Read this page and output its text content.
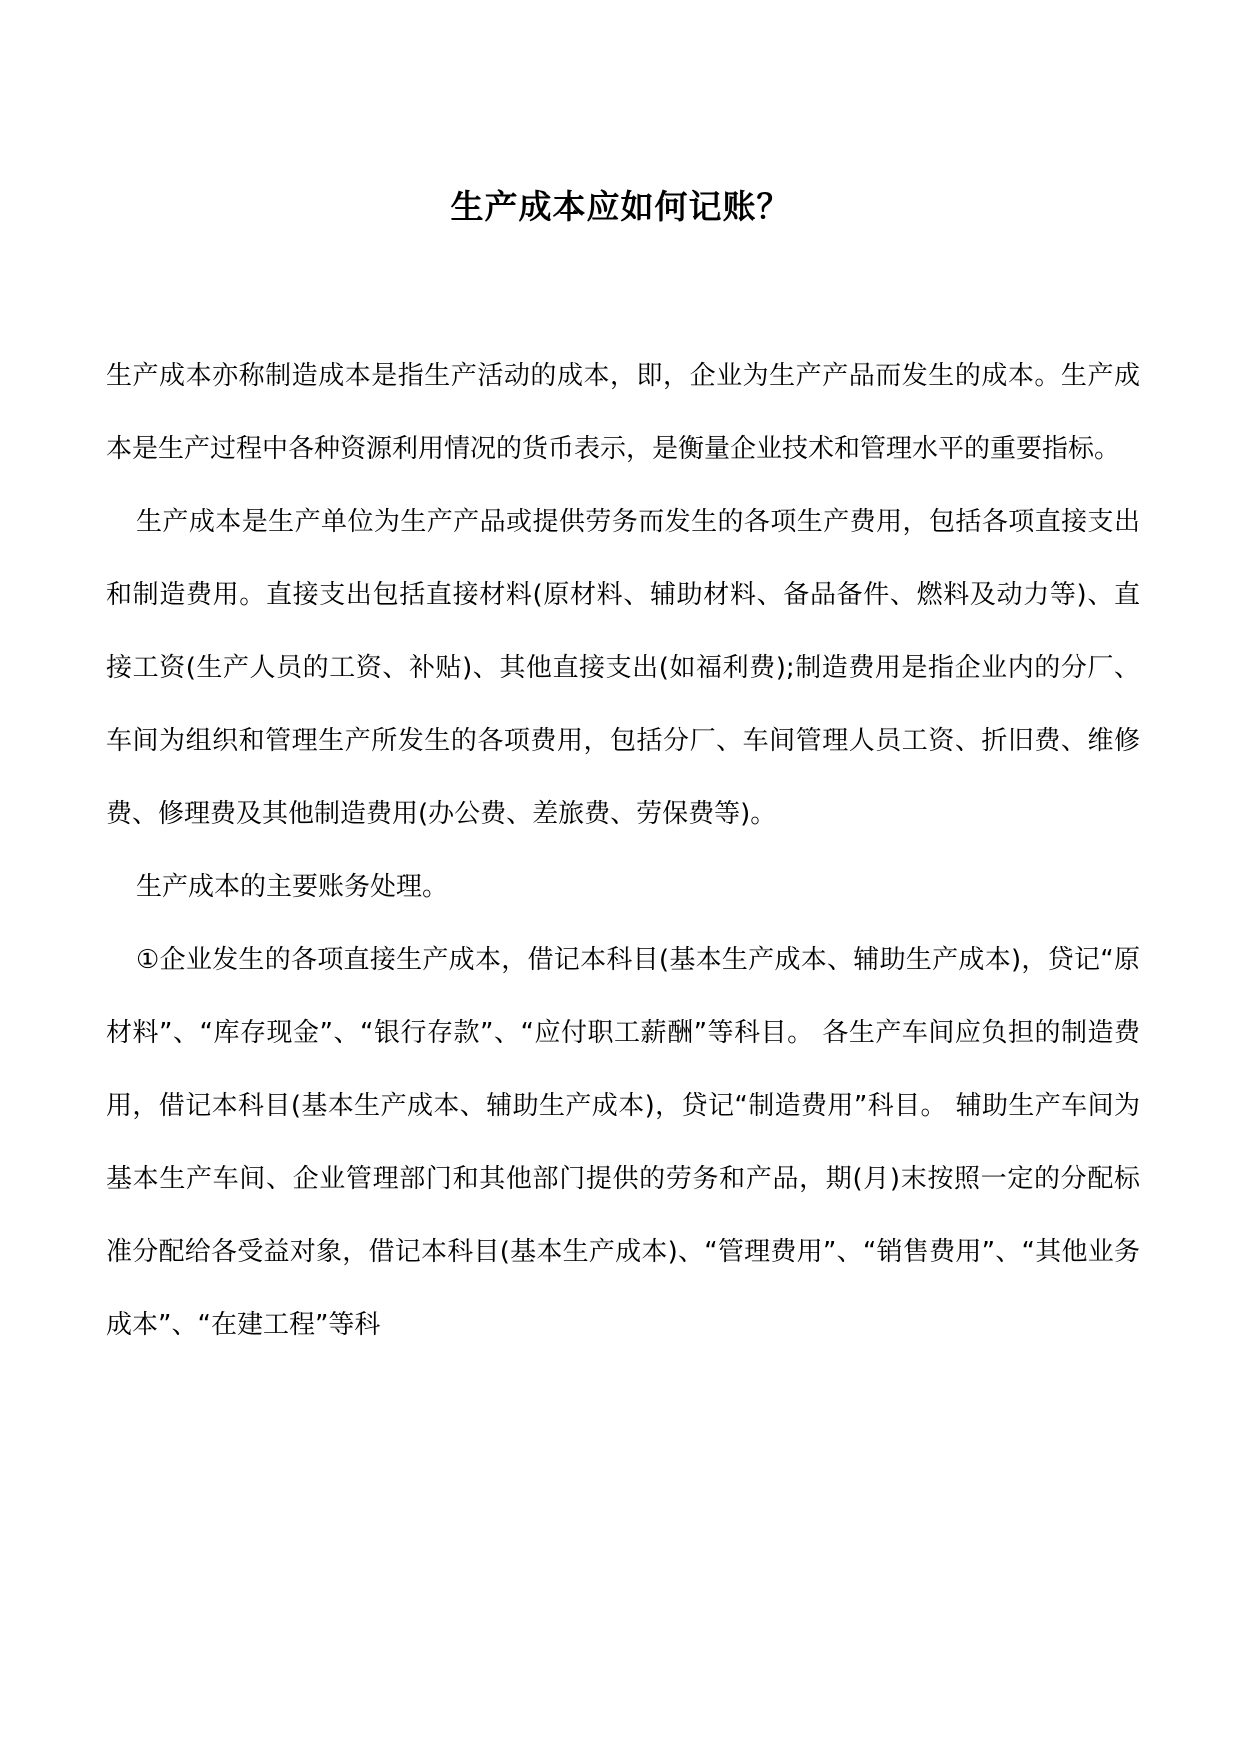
生产成本应如何记账？

生产成本亦称制造成本是指生产活动的成本，即，企业为生产产品而发生的成本。生产成本是生产过程中各种资源利用情况的货币表示，是衡量企业技术和管理水平的重要指标。

生产成本是生产单位为生产产品或提供劳务而发生的各项生产费用，包括各项直接支出和制造费用。直接支出包括直接材料(原材料、辅助材料、备品备件、燃料及动力等)、直接工资(生产人员的工资、补贴)、其他直接支出(如福利费);制造费用是指企业内的分厂、车间为组织和管理生产所发生的各项费用，包括分厂、车间管理人员工资、折旧费、维修费、修理费及其他制造费用(办公费、差旅费、劳保费等)。

生产成本的主要账务处理。

①企业发生的各项直接生产成本，借记本科目(基本生产成本、辅助生产成本)，贷记“原材料”、“库存现金”、“银行存款”、“应付职工薪酬”等科目。 各生产车间应负担的制造费用，借记本科目(基本生产成本、辅助生产成本)，贷记“制造费用”科目。 辅助生产车间为基本生产车间、企业管理部门和其他部门提供的劳务和产品，期(月)末按照一定的分配标准分配给各受益对象，借记本科目(基本生产成本)、“管理费用”、“销售费用”、“其他业务成本”、“在建工程”等科
